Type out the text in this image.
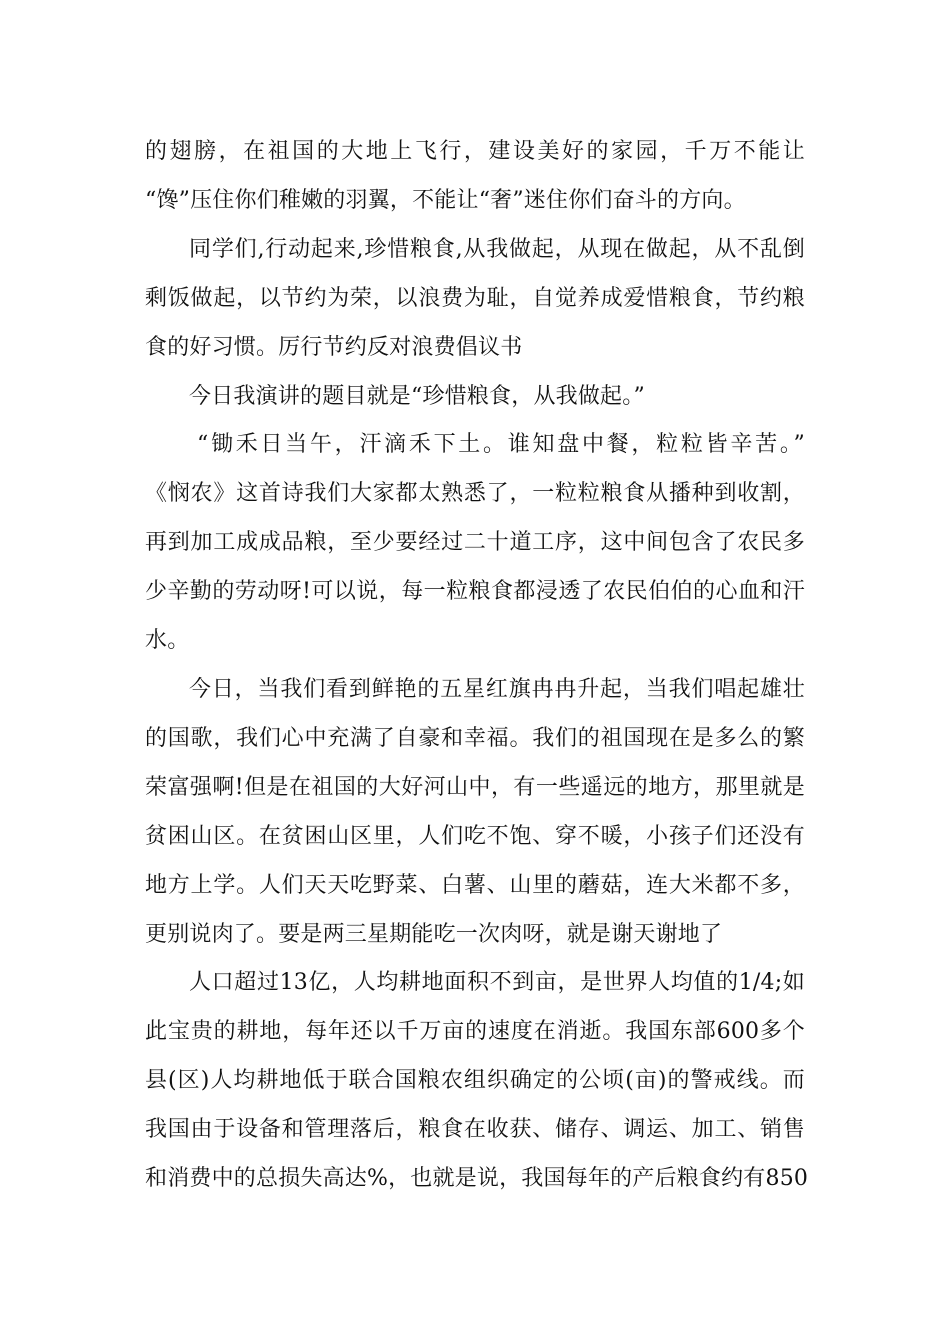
的翅膀，在祖国的大地上飞行，建设美好的家园，千万不能让
“馋”压住你们稚嫩的羽翼，不能让“奢”迷住你们奋斗的方向。

同学们,行动起来,珍惜粮食,从我做起，从现在做起，从不乱倒
剩饭做起，以节约为荣，以浪费为耻，自觉养成爱惜粮食，节约粮
食的好习惯。厉行节约反对浪费倡议书

今日我演讲的题目就是“珍惜粮食，从我做起。”

“锄禾日当午，汗滴禾下土。谁知盘中餐，粒粒皆辛苦。”
《悯农》这首诗我们大家都太熟悉了，一粒粒粮食从播种到收割，
再到加工成成品粮，至少要经过二十道工序，这中间包含了农民多
少辛勤的劳动呀!可以说，每一粒粮食都浸透了农民伯伯的心血和汗
水。

今日，当我们看到鲜艳的五星红旗冉冉升起，当我们唱起雄壮
的国歌，我们心中充满了自豪和幸福。我们的祖国现在是多么的繁
荣富强啊!但是在祖国的大好河山中，有一些遥远的地方，那里就是
贫困山区。在贫困山区里，人们吃不饱、穿不暖，小孩子们还没有
地方上学。人们天天吃野菜、白薯、山里的蘑菇，连大米都不多，
更别说肉了。要是两三星期能吃一次肉呀，就是谢天谢地了

人口超过13亿，人均耕地面积不到亩，是世界人均值的1/4;如
此宝贵的耕地，每年还以千万亩的速度在消逝。我国东部600多个
县(区)人均耕地低于联合国粮农组织确定的公顷(亩)的警戒线。而
我国由于设备和管理落后，粮食在收获、储存、调运、加工、销售
和消费中的总损失高达%，也就是说，我国每年的产后粮食约有850
